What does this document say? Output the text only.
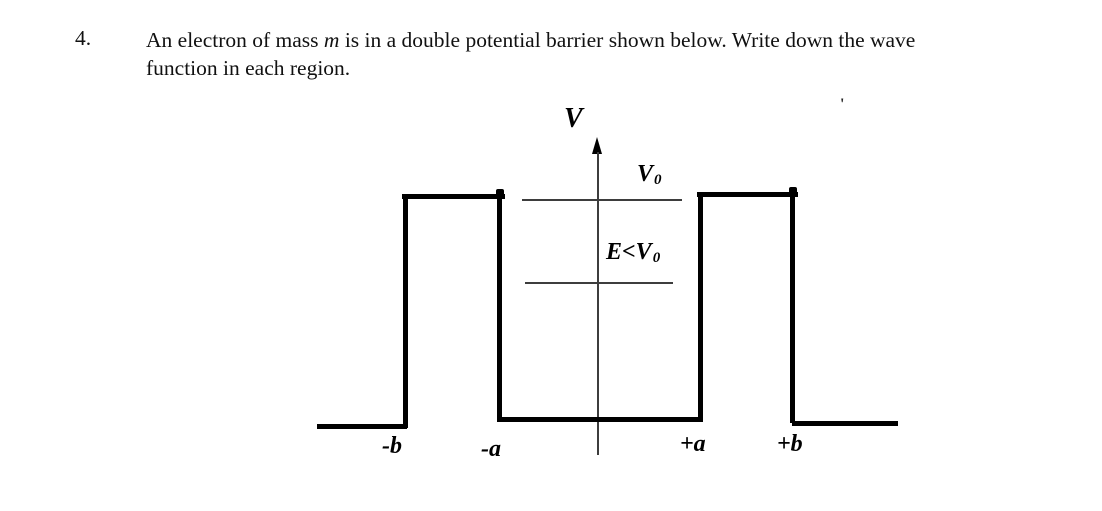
4.	An electron of mass m is in a double potential barrier shown below. Write down the wave
function in each region.
V
$V_0$
$E<V_0$
-b	-a	+a	+b
'
